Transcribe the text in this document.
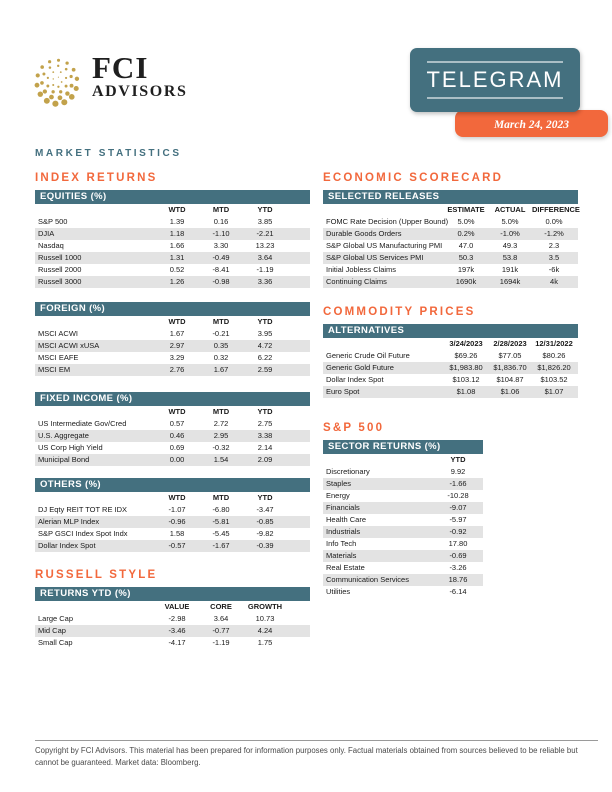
FCI
ADVISORS	TELEGRAM
March 24, 2023
MARKET STATISTICS
INDEX RETURNS
EQUITIES (%)
	WTD	MTD	YTD	
S&P 500	1.39	0.16	3.85	
DJIA	1.18	-1.10	-2.21	
Nasdaq	1.66	3.30	13.23	
Russell 1000	1.31	-0.49	3.64	
Russell 2000	0.52	-8.41	-1.19	
Russell 3000	1.26	-0.98	3.36	
FOREIGN (%)
	WTD	MTD	YTD	
MSCI ACWI	1.67	-0.21	3.95	
MSCI ACWI xUSA	2.97	0.35	4.72	
MSCI EAFE	3.29	0.32	6.22	
MSCI EM	2.76	1.67	2.59	
FIXED INCOME (%)
	WTD	MTD	YTD	
US Intermediate Gov/Cred	0.57	2.72	2.75	
U.S. Aggregate	0.46	2.95	3.38	
US Corp High Yield	0.69	-0.32	2.14	
Municipal Bond	0.00	1.54	2.09	
OTHERS (%)
	WTD	MTD	YTD	
DJ Eqty REIT TOT RE IDX	-1.07	-6.80	-3.47	
Alerian MLP Index	-0.96	-5.81	-0.85	
S&P GSCI Index Spot Indx	1.58	-5.45	-9.82	
Dollar Index Spot	-0.57	-1.67	-0.39	
RUSSELL STYLE
RETURNS YTD (%)
	VALUE	CORE	GROWTH	
Large Cap	-2.98	3.64	10.73	
Mid Cap	-3.46	-0.77	4.24	
Small Cap	-4.17	-1.19	1.75	
ECONOMIC SCORECARD
SELECTED RELEASES
	ESTIMATE	ACTUAL	DIFFERENCE	
FOMC Rate Decision (Upper Bound)	5.0%	5.0%	0.0%	
Durable Goods Orders	0.2%	-1.0%	-1.2%	
S&P Global US Manufacturing PMI	47.0	49.3	2.3	
S&P Global US Services PMI	50.3	53.8	3.5	
Initial Jobless Claims	197k	191k	-6k	
Continuing Claims	1690k	1694k	4k	
COMMODITY PRICES
ALTERNATIVES
	3/24/2023	2/28/2023	12/31/2022	
Generic Crude Oil Future	$69.26	$77.05	$80.26	
Generic Gold Future	$1,983.80	$1,836.70	$1,826.20	
Dollar Index Spot	$103.12	$104.87	$103.52	
Euro Spot	$1.08	$1.06	$1.07	
S&P 500
SECTOR RETURNS (%)
	YTD	
Discretionary	9.92	
Staples	-1.66	
Energy	-10.28	
Financials	-9.07	
Health Care	-5.97	
Industrials	-0.92	
Info Tech	17.80	
Materials	-0.69	
Real Estate	-3.26	
Communication Services	18.76	
Utilities	-6.14	
Copyright by FCI Advisors. This material has been prepared for information purposes only. Factual materials obtained from sources believed to be reliable but
cannot be guaranteed. Market data: Bloomberg.
